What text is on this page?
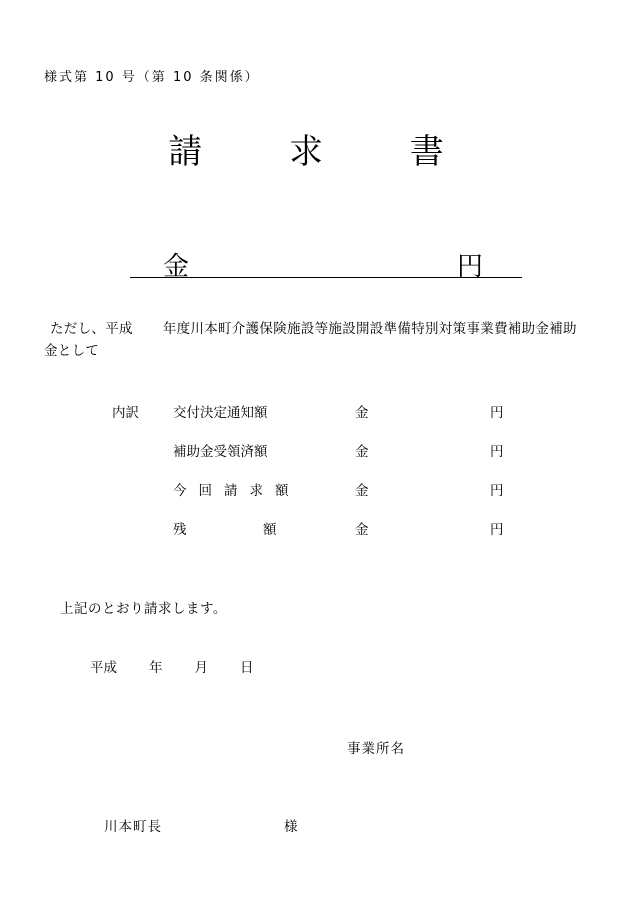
様式第 10 号（第 10 条関係）
請 求 書
金	円
ただし、平成 年度川本町介護保険施設等施設開設準備特別対策事業費補助金補助金として
内訳	交付決定通知額	金	円
補助金受領済額	金	円
今回請求額	金	円
残	額	金	円
上記のとおり請求します。
平成 年 月 日
事業所名
川本町長	様
